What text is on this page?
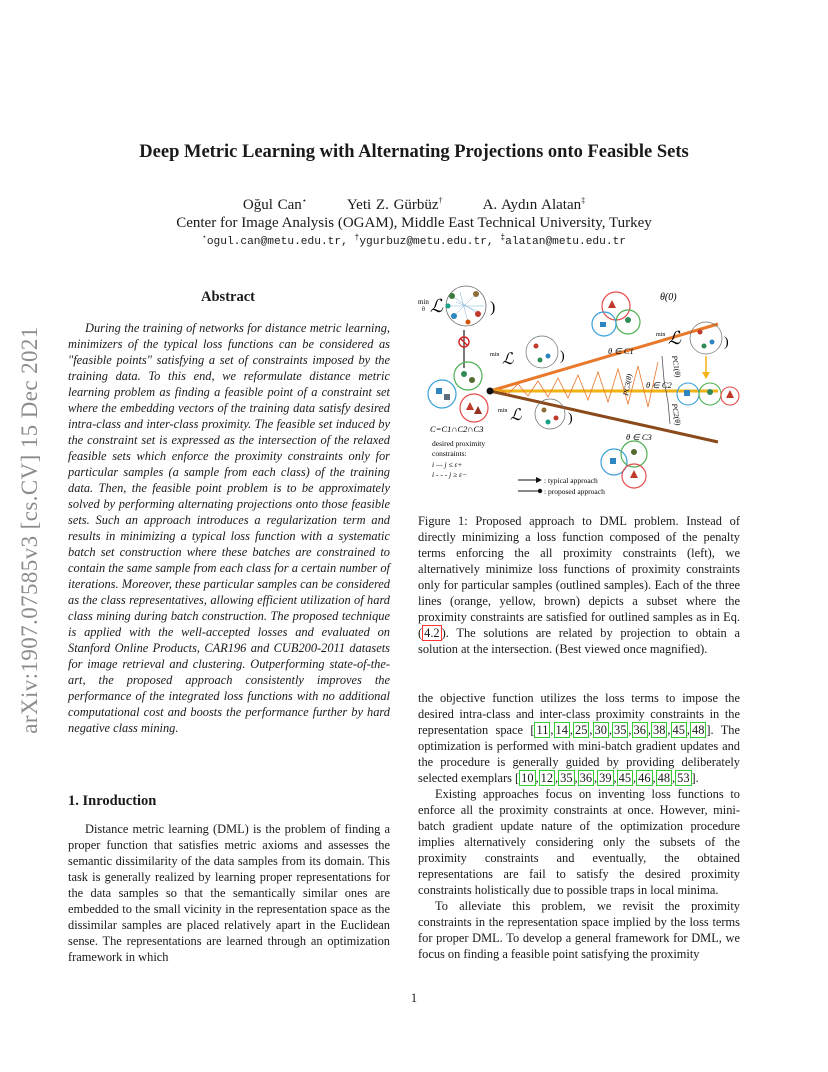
arXiv:1907.07585v3 [cs.CV] 15 Dec 2021
Deep Metric Learning with Alternating Projections onto Feasible Sets
Oğul Can⋆	Yeti Z. Gürbüz†	A. Aydın Alatan‡
Center for Image Analysis (OGAM), Middle East Technical University, Turkey
⋆ogul.can@metu.edu.tr, †ygurbuz@metu.edu.tr, ‡alatan@metu.edu.tr
Abstract

During the training of networks for distance metric learning, minimizers of the typical loss functions can be considered as "feasible points" satisfying a set of constraints imposed by the training data. To this end, we reformulate distance metric learning problem as finding a feasible point of a constraint set where the embedding vectors of the training data satisfy desired intra-class and inter-class proximity. The feasible set induced by the constraint set is expressed as the intersection of the relaxed feasible sets which enforce the proximity constraints only for particular samples (a sample from each class) of the training data. Then, the feasible point problem is to be approximately solved by performing alternating projections onto those feasible sets. Such an approach introduces a regularization term and results in minimizing a typical loss function with a systematic batch set construction where these batches are constrained to contain the same sample from each class for a certain number of iterations. Moreover, these particular samples can be considered as the class representatives, allowing efficient utilization of hard class mining during batch construction. The proposed technique is applied with the well-accepted losses and evaluated on Stanford Online Products, CAR196 and CUB200-2011 datasets for image retrieval and clustering. Outperforming state-of-the-art, the proposed approach consistently improves the performance of the integrated loss functions with no additional computational cost and boosts the performance further by hard negative class mining.

1. Inroduction

Distance metric learning (DML) is the problem of finding a proper function that satisfies metric axioms and assesses the semantic dissimilarity of the data samples from its domain. This task is generally realized by learning proper representations for the data samples so that the semantically similar ones are embedded to the small vicinity in the representation space as the dissimilar samples are placed relatively apart in the Euclidean sense. The representations are learned through an optimization framework in which

min
θ ℒ	)
min ℒ	)
min ℒ	)
θ(0)
min ℒ	)
θ ∈ C1
θ ∈ C2
θ ∈ C3
PC1(θ)
PC2(θ)
PC3(θ)
C=C1∩C2∩C3
desired proximity
constraints:
i — j ≤ ε+
i - - - j ≥ ε−
: typical approach
: proposed approach

Figure 1: Proposed approach to DML problem. Instead of directly minimizing a loss function composed of the penalty terms enforcing the all proximity constraints (left), we alternatively minimize loss functions of proximity constraints only for particular samples (outlined samples). Each of the three lines (orange, yellow, brown) depicts a subset where the proximity constraints are satisfied for outlined samples as in Eq. ( 4.2 ). The solutions are related by projection to obtain a solution at the intersection. (Best viewed once magnified).

the objective function utilizes the loss terms to impose the desired intra-class and inter-class proximity constraints in the representation space [ 11 , 14 , 25 , 30 , 35 , 36 , 38 , 45 , 48 ]. The optimization is performed with mini-batch gradient updates and the procedure is generally guided by providing deliberately selected exemplars [ 10 , 12 , 35 , 36 , 39 , 45 , 46 , 48 , 53 ].

Existing approaches focus on inventing loss functions to enforce all the proximity constraints at once. However, mini-batch gradient update nature of the optimization procedure implies alternatively considering only the subsets of the proximity constraints and eventually, the obtained representations are fail to satisfy the desired proximity constraints holistically due to possible traps in local minima.

To alleviate this problem, we revisit the proximity constraints in the representation space implied by the loss terms for proper DML. To develop a general framework for DML, we focus on finding a feasible point satisfying the proximity

1
